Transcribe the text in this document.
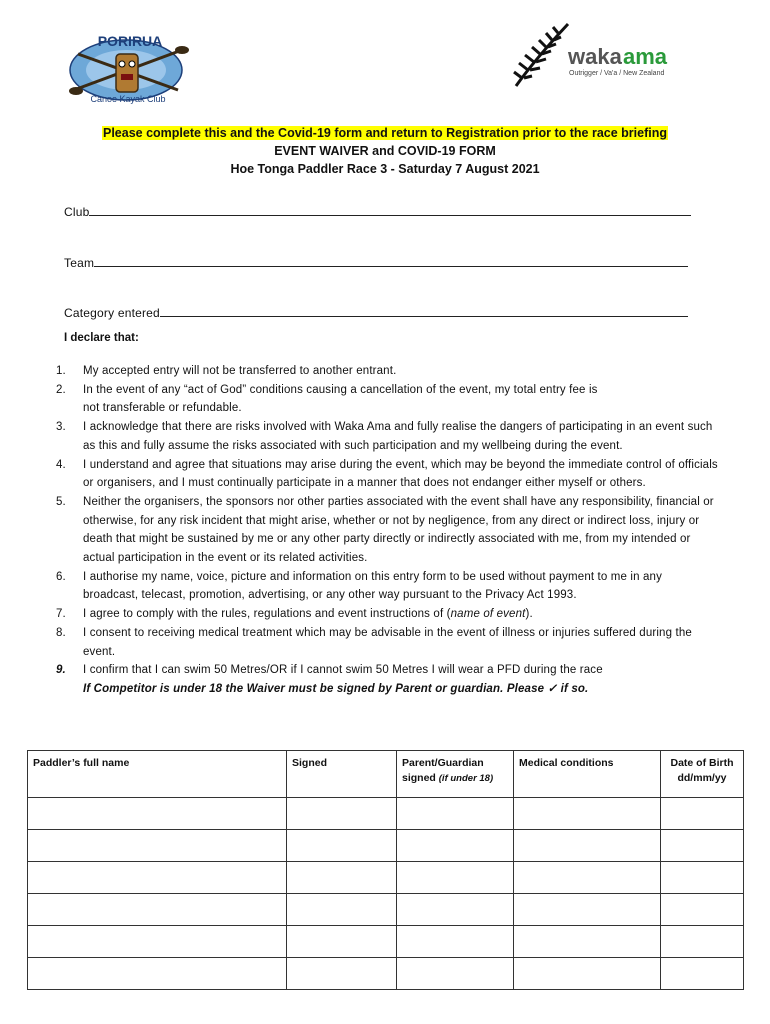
PORIRUA
Canoe Kayak Club
waka ama
Outrigger / Va'a / New Zealand
Please complete this and the Covid-19 form and return to Registration prior to the race briefing
EVENT WAIVER and COVID-19 FORM
Hoe Tonga Paddler Race 3 - Saturday 7 August 2021
Club
Team
Category entered
I declare that:
1. My accepted entry will not be transferred to another entrant.
2. In the event of any “act of God” conditions causing a cancellation of the event, my total entry fee is not transferable or refundable.
3. I acknowledge that there are risks involved with Waka Ama and fully realise the dangers of participating in an event such as this and fully assume the risks associated with such participation and my wellbeing during the event.
4. I understand and agree that situations may arise during the event, which may be beyond the immediate control of officials or organisers, and I must continually participate in a manner that does not endanger either myself or others.
5. Neither the organisers, the sponsors nor other parties associated with the event shall have any responsibility, financial or otherwise, for any risk incident that might arise, whether or not by negligence, from any direct or indirect loss, injury or death that might be sustained by me or any other party directly or indirectly associated with me, from my intended or actual participation in the event or its related activities.
6. I authorise my name, voice, picture and information on this entry form to be used without payment to me in any broadcast, telecast, promotion, advertising, or any other way pursuant to the Privacy Act 1993.
7. I agree to comply with the rules, regulations and event instructions of (name of event).
8. I consent to receiving medical treatment which may be advisable in the event of illness or injuries suffered during the event.
9. I confirm that I can swim 50 Metres/OR if I cannot swim 50 Metres I will wear a PFD during the race
If Competitor is under 18 the Waiver must be signed by Parent or guardian. Please ✓ if so.
Paddler’s full name	Signed	Parent/Guardian signed (if under 18)	Medical conditions	Date of Birth dd/mm/yy
